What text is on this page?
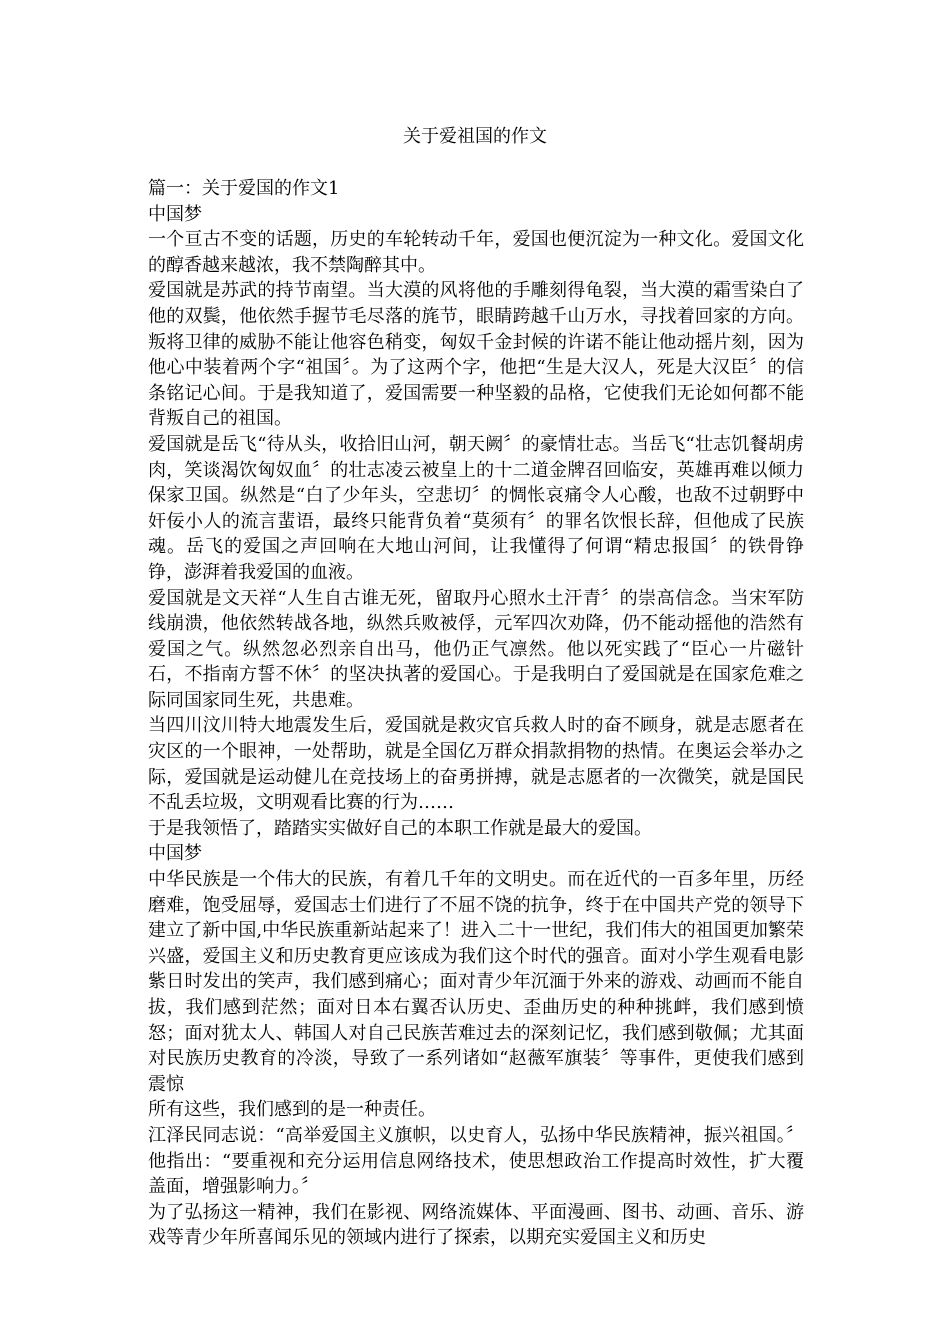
关于爱祖国的作文

篇一：关于爱国的作文1

中国梦

一个亘古不变的话题，历史的车轮转动千年，爱国也便沉淀为一种文化。爱国文化的醇香越来越浓，我不禁陶醉其中。

爱国就是苏武的持节南望。当大漠的风将他的手雕刻得龟裂，当大漠的霜雪染白了他的双鬓，他依然手握节毛尽落的旄节，眼睛跨越千山万水，寻找着回家的方向。叛将卫律的威胁不能让他容色稍变，匈奴千金封候的许诺不能让他动摇片刻，因为他心中装着两个字“祖国〞。为了这两个字，他把“生是大汉人，死是大汉臣〞的信条铭记心间。于是我知道了，爱国需要一种坚毅的品格，它使我们无论如何都不能背叛自己的祖国。

爱国就是岳飞“待从头，收拾旧山河，朝天阙〞的豪情壮志。当岳飞“壮志饥餐胡虏肉，笑谈渴饮匈奴血〞的壮志凌云被皇上的十二道金牌召回临安，英雄再难以倾力保家卫国。纵然是“白了少年头，空悲切〞的惆怅哀痛令人心酸，也敌不过朝野中奸佞小人的流言蜚语，最终只能背负着“莫须有〞的罪名饮恨长辞，但他成了民族魂。岳飞的爱国之声回响在大地山河间，让我懂得了何谓“精忠报国〞的铁骨铮铮，澎湃着我爱国的血液。

爱国就是文天祥“人生自古谁无死，留取丹心照水土汗青〞的崇高信念。当宋军防线崩溃，他依然转战各地，纵然兵败被俘，元军四次劝降，仍不能动摇他的浩然有爱国之气。纵然忽必烈亲自出马，他仍正气凛然。他以死实践了“臣心一片磁针石，不指南方誓不休〞的坚决执著的爱国心。于是我明白了爱国就是在国家危难之际同国家同生死，共患难。

当四川汶川特大地震发生后，爱国就是救灾官兵救人时的奋不顾身，就是志愿者在灾区的一个眼神，一处帮助，就是全国亿万群众捐款捐物的热情。在奥运会举办之际，爱国就是运动健儿在竞技场上的奋勇拼搏，就是志愿者的一次微笑，就是国民不乱丢垃圾，文明观看比赛的行为……

于是我领悟了，踏踏实实做好自己的本职工作就是最大的爱国。

中国梦

中华民族是一个伟大的民族，有着几千年的文明史。而在近代的一百多年里，历经磨难，饱受屈辱，爱国志士们进行了不屈不饶的抗争，终于在中国共产党的领导下建立了新中国,中华民族重新站起来了！进入二十一世纪，我们伟大的祖国更加繁荣兴盛，爱国主义和历史教育更应该成为我们这个时代的强音。面对小学生观看电影紫日时发出的笑声，我们感到痛心；面对青少年沉湎于外来的游戏、动画而不能自拔，我们感到茫然；面对日本右翼否认历史、歪曲历史的种种挑衅，我们感到愤怒；面对犹太人、韩国人对自己民族苦难过去的深刻记忆，我们感到敬佩；尤其面对民族历史教育的冷淡，导致了一系列诸如“赵薇军旗装〞等事件，更使我们感到震惊

所有这些，我们感到的是一种责任。

江泽民同志说：“高举爱国主义旗帜，以史育人，弘扬中华民族精神，振兴祖国。〞他指出：“要重视和充分运用信息网络技术，使思想政治工作提高时效性，扩大覆盖面，增强影响力。〞

为了弘扬这一精神，我们在影视、网络流媒体、平面漫画、图书、动画、音乐、游戏等青少年所喜闻乐见的领域内进行了探索，以期充实爱国主义和历史
